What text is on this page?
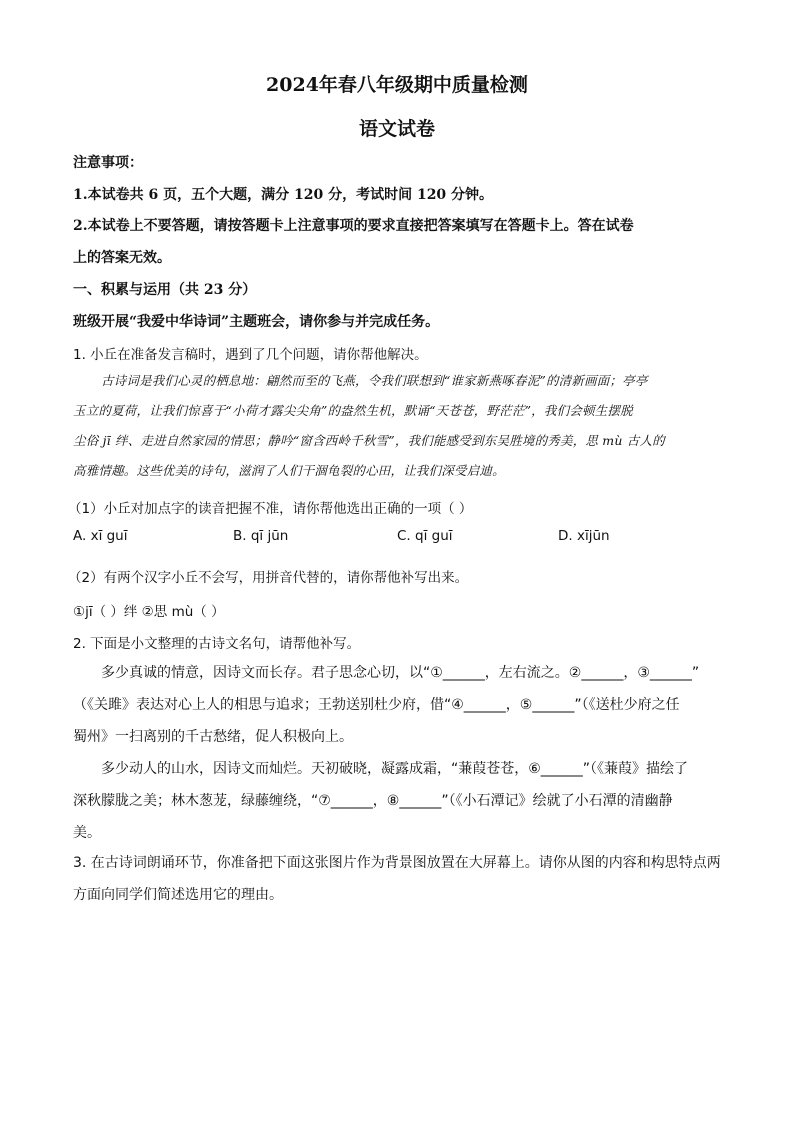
2024年春八年级期中质量检测
语文试卷
注意事项：
1.本试卷共 6 页，五个大题，满分 120 分，考试时间 120 分钟。
2.本试卷上不要答题，请按答题卡上注意事项的要求直接把答案填写在答题卡上。答在试卷
上的答案无效。
一、积累与运用（共 23 分）
班级开展“我爱中华诗词”主题班会，请你参与并完成任务。
1. 小丘在准备发言稿时，遇到了几个问题，请你帮他解决。

古诗词是我们心灵的栖息地：翩然而至的飞燕，令我们联想到“谁家新燕啄春泥”的清新画面；亭亭

玉立的夏荷，让我们惊喜于“小荷才露尖尖角”的盎然生机，默诵“天苍苍，野茫茫”，我们会顿生摆脱

尘俗 jī 绊、走进自然家园的情思；静吟“窗含西岭千秋雪”，我们能感受到东吴胜境的秀美，思 mù 古人的

高雅情趣。这些优美的诗句，滋润了人们干涸龟裂的心田，让我们深受启迪。

（1）小丘对加点字的读音把握不准，请你帮他选出正确的一项（ ）
A. xī guī	B. qī jūn	C. qī guī	D. xījūn
（2）有两个汉字小丘不会写，用拼音代替的，请你帮他补写出来。
①jī（ ）绊 ②思 mù（ ）
2. 下面是小文整理的古诗文名句，请帮他补写。

多少真诚的情意，因诗文而长存。君子思念心切，以“①______，左右流之。②______，③______”

（《关雎》表达对心上人的相思与追求；王勃送别杜少府，借“④______，⑤______”（《送杜少府之任

蜀州》一扫离别的千古愁绪，促人积极向上。

多少动人的山水，因诗文而灿烂。天初破晓，凝露成霜，“蒹葭苍苍，⑥______”（《蒹葭》描绘了

深秋朦胧之美；林木葱茏，绿藤缠绕，“⑦______，⑧______”（《小石潭记》绘就了小石潭的清幽静

美。

3. 在古诗词朗诵环节，你准备把下面这张图片作为背景图放置在大屏幕上。请你从图的内容和构思特点两

方面向同学们简述选用它的理由。
